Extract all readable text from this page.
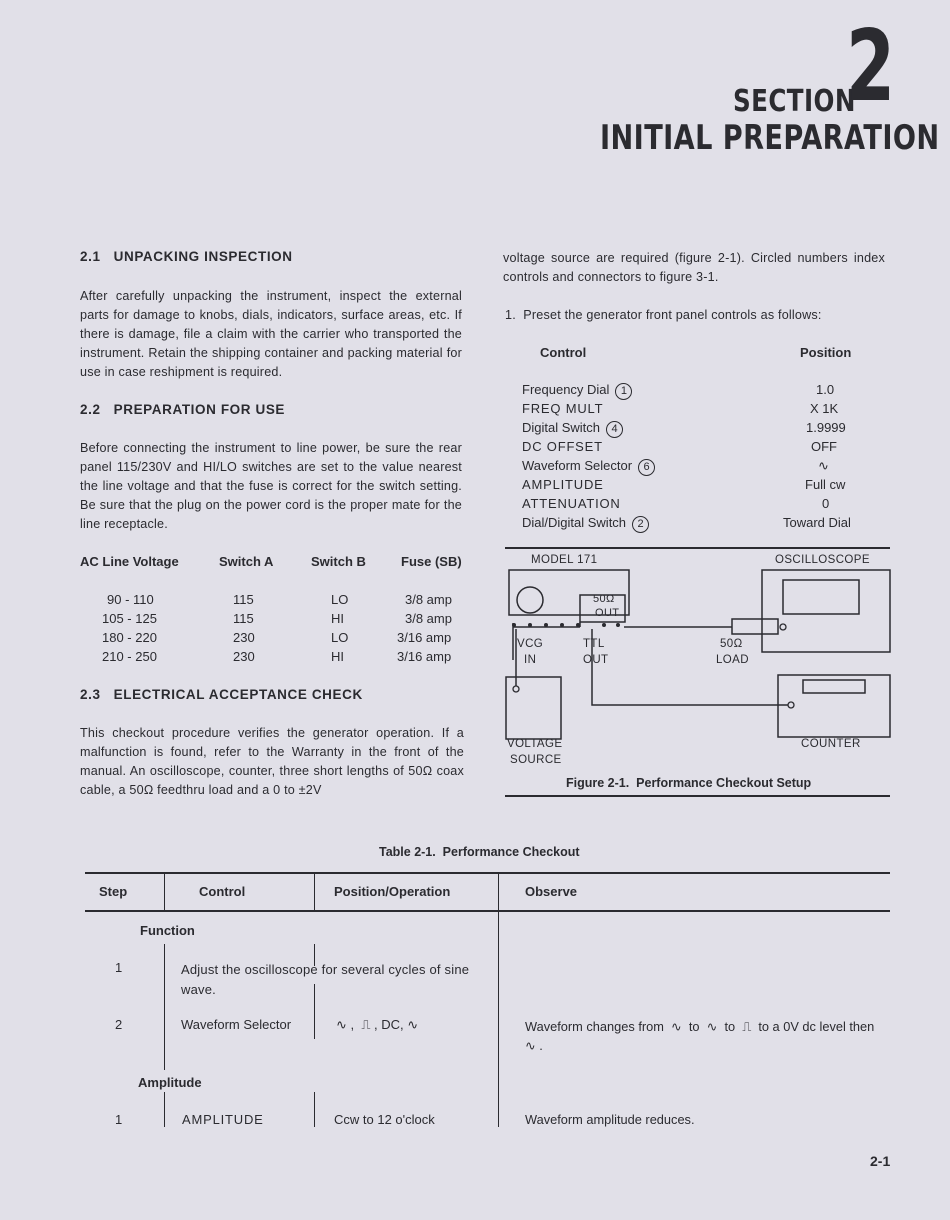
SECTION
2
INITIAL PREPARATION
2.1   UNPACKING INSPECTION
After carefully unpacking the instrument, inspect the external parts for damage to knobs, dials, indicators, surface areas, etc. If there is damage, file a claim with the carrier who transported the instrument. Retain the shipping container and packing material for use in case reshipment is required.
2.2   PREPARATION FOR USE
Before connecting the instrument to line power, be sure the rear panel 115/230V and HI/LO switches are set to the value nearest the line voltage and that the fuse is correct for the switch setting. Be sure that the plug on the power cord is the proper mate for the line receptacle.
AC Line Voltage	Switch A	Switch B	Fuse (SB)
90 - 110	115	LO	3/8 amp
105 - 125	115	HI	3/8 amp
180 - 220	230	LO	3/16 amp
210 - 250	230	HI	3/16 amp
2.3   ELECTRICAL ACCEPTANCE CHECK
This checkout procedure verifies the generator operation. If a malfunction is found, refer to the Warranty in the front of the manual. An oscilloscope, counter, three short lengths of 50Ω coax cable, a 50Ω feedthru load and a 0 to ±2V
voltage source are required (figure 2-1). Circled numbers index controls and connectors to figure 3-1.
1.  Preset the generator front panel controls as follows:
Control	Position
Frequency Dial 1	1.0
FREQ MULT	X 1K
Digital Switch 4	1.9999
DC OFFSET	OFF
Waveform Selector 6	∿
AMPLITUDE	Full cw
ATTENUATION	0
Dial/Digital Switch 2	Toward Dial
MODEL 171	OSCILLOSCOPE
50Ω
OUT
VCG
IN
TTL
OUT
50Ω
LOAD
VOLTAGE
SOURCE
COUNTER
Figure 2-1.  Performance Checkout Setup
Table 2-1.  Performance Checkout
Step	Control	Position/Operation	Observe
Function
1	Adjust the oscilloscope for several cycles of sine wave.
2	Waveform Selector	∿ ,  ⎍ , DC, ∿	Waveform changes from  ∿  to  ∿  to  ⎍  to a 0V dc level then  ∿ .
Amplitude
1	AMPLITUDE	Ccw to 12 o'clock	Waveform amplitude reduces.
2-1
